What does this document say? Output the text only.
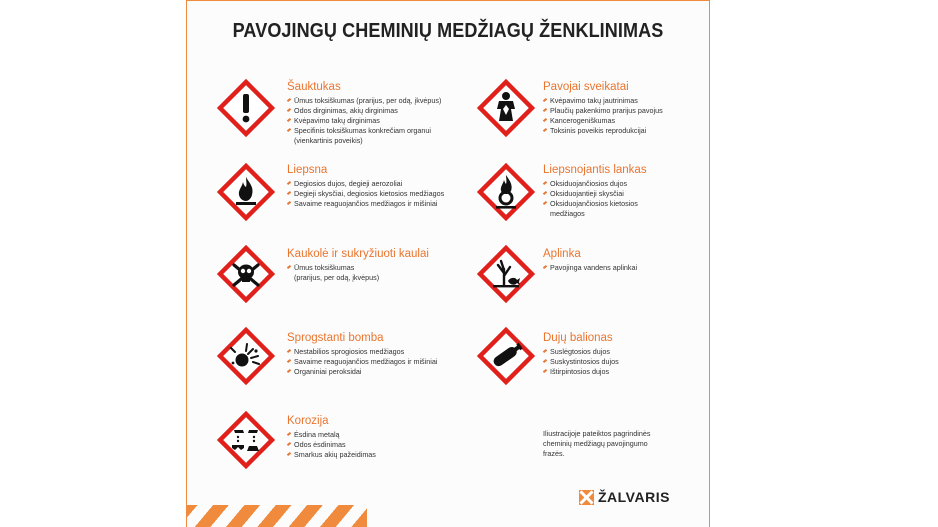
PAVOJINGŲ CHEMINIŲ MEDŽIAGŲ ŽENKLINIMAS
Šauktukas
Ūmus toksiškumas (prarijus, per odą, įkvėpus)
Odos dirginimas, akių dirginimas
Kvėpavimo takų dirginimas
Specifinis toksiškumas konkrečiam organui
(vienkartinis poveikis)
Pavojai sveikatai
Kvėpavimo takų jautrinimas
Plaučių pakenkimo prarijus pavojus
Kancerogeniškumas
Toksinis poveikis reprodukcijai
Liepsna
Degiosios dujos, degieji aerozoliai
Degieji skysčiai, degiosios kietosios medžiagos
Savaime reaguojančios medžiagos ir mišiniai
Liepsnojantis lankas
Oksiduojančiosios dujos
Oksiduojantieji skysčiai
Oksiduojančiosios kietosios
medžiagos
Kaukolė ir sukryžiuoti kaulai
Ūmus toksiškumas
(prarijus, per odą, įkvėpus)
Aplinka
Pavojinga vandens aplinkai
Sprogstanti bomba
Nestabilios sprogiosios medžiagos
Savaime reaguojančios medžiagos ir mišiniai
Organiniai peroksidai
Dujų balionas
Suslėgtosios dujos
Suskystintosios dujos
Ištirpintosios dujos
Korozija
Ėsdina metalą
Odos ėsdinimas
Smarkus akių pažeidimas
Iliustracijoje pateiktos pagrindinės cheminių medžiagų pavojingumo frazės.
ŽALVARIS
